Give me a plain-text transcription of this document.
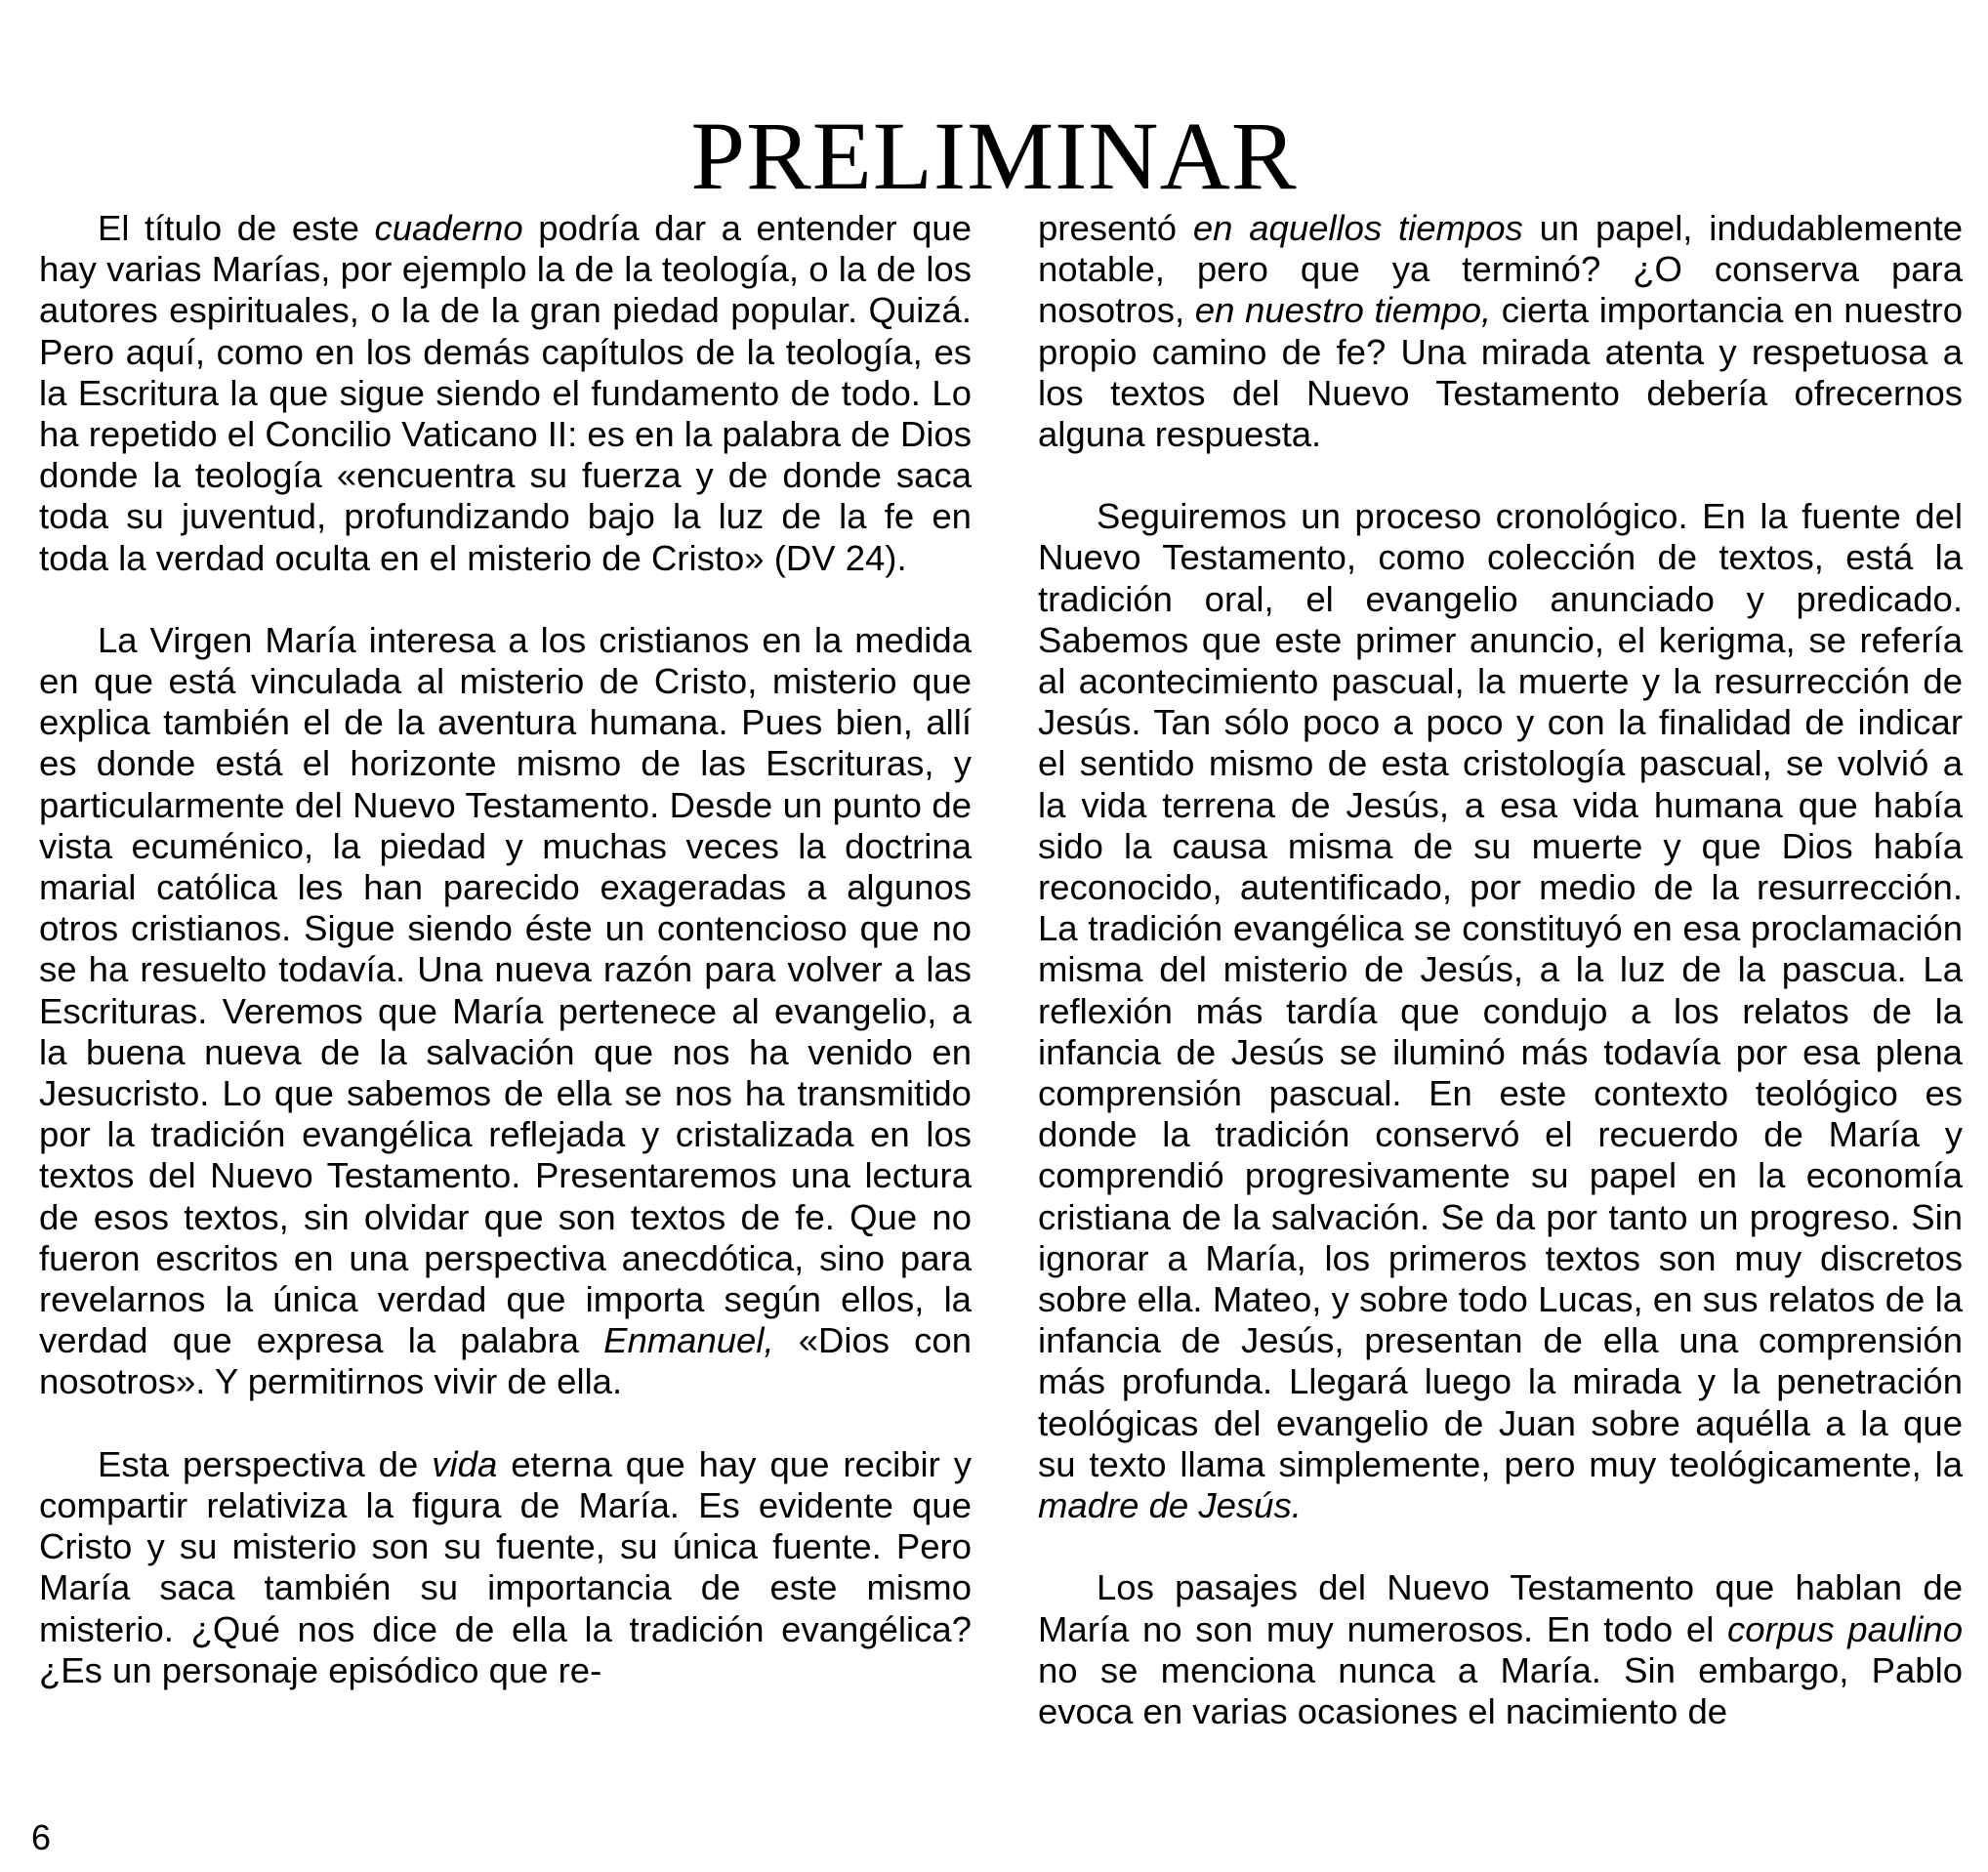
PRELIMINAR

El título de este cuaderno podría dar a entender que hay varias Marías, por ejemplo la de la teología, o la de los autores espirituales, o la de la gran piedad popular. Quizá. Pero aquí, como en los demás capítulos de la teología, es la Escritura la que sigue siendo el fundamento de todo. Lo ha repetido el Concilio Vaticano II: es en la palabra de Dios donde la teología «encuentra su fuerza y de donde saca toda su juventud, profundizando bajo la luz de la fe en toda la verdad oculta en el misterio de Cristo» (DV 24).

La Virgen María interesa a los cristianos en la medida en que está vinculada al misterio de Cristo, misterio que explica también el de la aventura humana. Pues bien, allí es donde está el horizonte mismo de las Escrituras, y particularmente del Nuevo Testamento. Desde un punto de vista ecuménico, la piedad y muchas veces la doctrina marial católica les han parecido exageradas a algunos otros cristianos. Sigue siendo éste un contencioso que no se ha resuelto todavía. Una nueva razón para volver a las Escrituras. Veremos que María pertenece al evangelio, a la buena nueva de la salvación que nos ha venido en Jesucristo. Lo que sabemos de ella se nos ha transmitido por la tradición evangélica reflejada y cristalizada en los textos del Nuevo Testamento. Presentaremos una lectura de esos textos, sin olvidar que son textos de fe. Que no fueron escritos en una perspectiva anecdótica, sino para revelarnos la única verdad que importa según ellos, la verdad que expresa la palabra Enmanuel, «Dios con nosotros». Y permitirnos vivir de ella.

Esta perspectiva de vida eterna que hay que recibir y compartir relativiza la figura de María. Es evidente que Cristo y su misterio son su fuente, su única fuente. Pero María saca también su importancia de este mismo misterio. ¿Qué nos dice de ella la tradición evangélica? ¿Es un personaje episódico que re-

presentó en aquellos tiempos un papel, indudablemente notable, pero que ya terminó? ¿O conserva para nosotros, en nuestro tiempo, cierta importancia en nuestro propio camino de fe? Una mirada atenta y respetuosa a los textos del Nuevo Testamento debería ofrecernos alguna respuesta.

Seguiremos un proceso cronológico. En la fuente del Nuevo Testamento, como colección de textos, está la tradición oral, el evangelio anunciado y predicado. Sabemos que este primer anuncio, el kerigma, se refería al acontecimiento pascual, la muerte y la resurrección de Jesús. Tan sólo poco a poco y con la finalidad de indicar el sentido mismo de esta cristología pascual, se volvió a la vida terrena de Jesús, a esa vida humana que había sido la causa misma de su muerte y que Dios había reconocido, autentificado, por medio de la resurrección. La tradición evangélica se constituyó en esa proclamación misma del misterio de Jesús, a la luz de la pascua. La reflexión más tardía que condujo a los relatos de la infancia de Jesús se iluminó más todavía por esa plena comprensión pascual. En este contexto teológico es donde la tradición conservó el recuerdo de María y comprendió progresivamente su papel en la economía cristiana de la salvación. Se da por tanto un progreso. Sin ignorar a María, los primeros textos son muy discretos sobre ella. Mateo, y sobre todo Lucas, en sus relatos de la infancia de Jesús, presentan de ella una comprensión más profunda. Llegará luego la mirada y la penetración teológicas del evangelio de Juan sobre aquélla a la que su texto llama simplemente, pero muy teológicamente, la madre de Jesús.

Los pasajes del Nuevo Testamento que hablan de María no son muy numerosos. En todo el corpus paulino no se menciona nunca a María. Sin embargo, Pablo evoca en varias ocasiones el nacimiento de

6
